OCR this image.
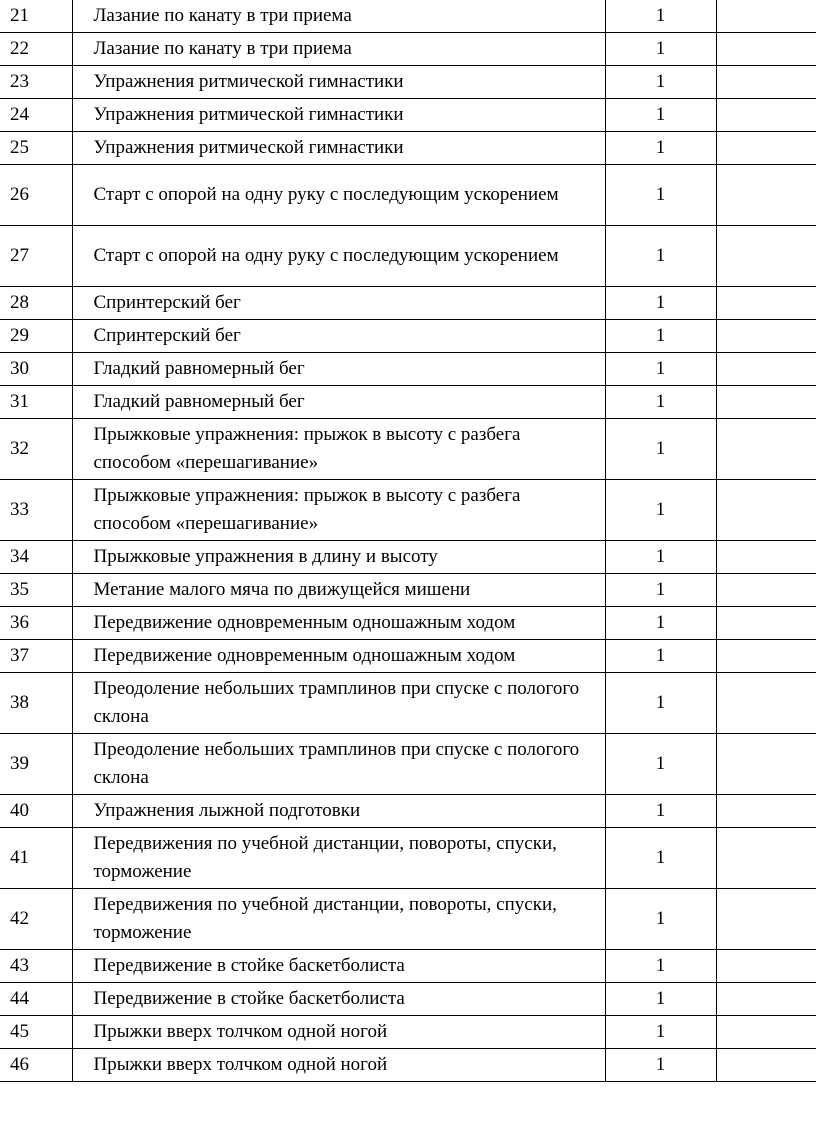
21	Лазание по канату в три приема	1	
22	Лазание по канату в три приема	1	
23	Упражнения ритмической гимнастики	1	
24	Упражнения ритмической гимнастики	1	
25	Упражнения ритмической гимнастики	1	
26	Старт с опорой на одну руку с последующим ускорением	1	
27	Старт с опорой на одну руку с последующим ускорением	1	
28	Спринтерский бег	1	
29	Спринтерский бег	1	
30	Гладкий равномерный бег	1	
31	Гладкий равномерный бег	1	
32	Прыжковые упражнения: прыжок в высоту с разбега способом «перешагивание»	1	
33	Прыжковые упражнения: прыжок в высоту с разбега способом «перешагивание»	1	
34	Прыжковые упражнения в длину и высоту	1	
35	Метание малого мяча по движущейся мишени	1	
36	Передвижение одновременным одношажным ходом	1	
37	Передвижение одновременным одношажным ходом	1	
38	Преодоление небольших трамплинов при спуске с пологого склона	1	
39	Преодоление небольших трамплинов при спуске с пологого склона	1	
40	Упражнения лыжной подготовки	1	
41	Передвижения по учебной дистанции, повороты, спуски, торможение	1	
42	Передвижения по учебной дистанции, повороты, спуски, торможение	1	
43	Передвижение в стойке баскетболиста	1	
44	Передвижение в стойке баскетболиста	1	
45	Прыжки вверх толчком одной ногой	1	
46	Прыжки вверх толчком одной ногой	1	
